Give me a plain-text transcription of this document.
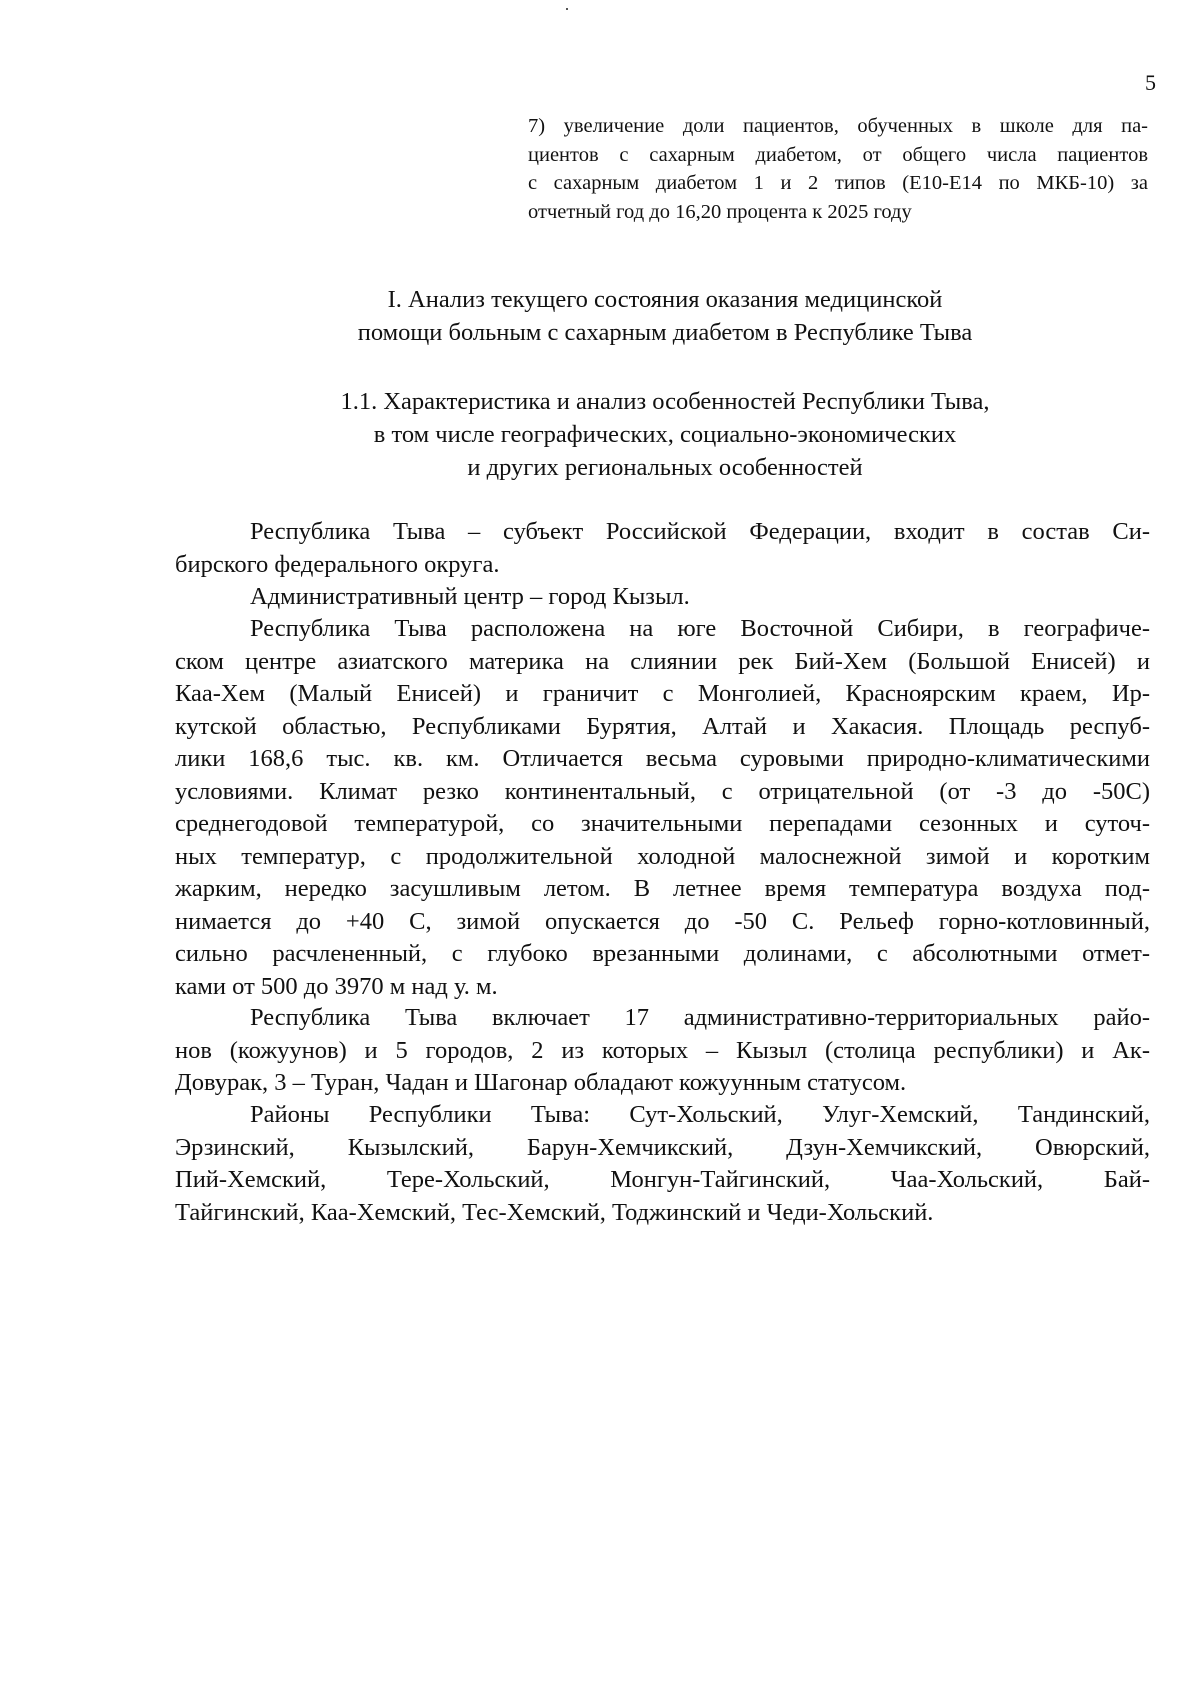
5
7) увеличение доли пациентов, обученных в школе для па-
циентов с сахарным диабетом, от общего числа пациентов
с сахарным диабетом 1 и 2 типов (Е10-Е14 по МКБ-10) за
отчетный год до 16,20 процента к 2025 году
I. Анализ текущего состояния оказания медицинской
помощи больным с сахарным диабетом в Республике Тыва
1.1. Характеристика и анализ особенностей Республики Тыва,
в том числе географических, социально-экономических
и других региональных особенностей
Республика Тыва – субъект Российской Федерации, входит в состав Си-
бирского федерального округа.
Административный центр – город Кызыл.
Республика Тыва расположена на юге Восточной Сибири, в географиче-
ском центре азиатского материка на слиянии рек Бий-Хем (Большой Енисей) и
Каа-Хем (Малый Енисей) и граничит с Монголией, Красноярским краем, Ир-
кутской областью, Республиками Бурятия, Алтай и Хакасия. Площадь респуб-
лики 168,6 тыс. кв. км. Отличается весьма суровыми природно-климатическими
условиями. Климат резко континентальный, с отрицательной (от -3 до -50С)
среднегодовой температурой, со значительными перепадами сезонных и суточ-
ных температур, с продолжительной холодной малоснежной зимой и коротким
жарким, нередко засушливым летом. В летнее время температура воздуха под-
нимается до +40 С, зимой опускается до -50 С. Рельеф горно-котловинный,
сильно расчлененный, с глубоко врезанными долинами, с абсолютными отмет-
ками от 500 до 3970 м над у. м.
Республика Тыва включает 17 административно-территориальных райо-
нов (кожуунов) и 5 городов, 2 из которых – Кызыл (столица республики) и Ак-
Довурак, 3 – Туран, Чадан и Шагонар обладают кожуунным статусом.
Районы Республики Тыва: Сут-Хольский, Улуг-Хемский, Тандинский,
Эрзинский, Кызылский, Барун-Хемчикский, Дзун-Хемчикский, Овюрский,
Пий-Хемский, Тере-Хольский, Монгун-Тайгинский, Чаа-Хольский, Бай-
Тайгинский, Каа-Хемский, Тес-Хемский, Тоджинский и Чеди-Хольский.
